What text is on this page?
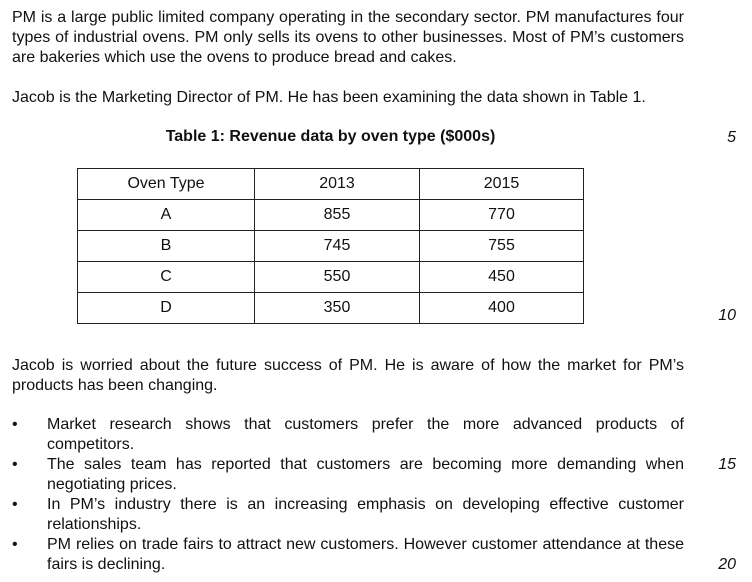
PM is a large public limited company operating in the secondary sector. PM manufactures four types of industrial ovens. PM only sells its ovens to other businesses. Most of PM’s customers are bakeries which use the ovens to produce bread and cakes.

Jacob is the Marketing Director of PM. He has been examining the data shown in Table 1.

Table 1: Revenue data by oven type ($000s)	5
Oven Type	2013	2015
A	855	770
B	745	755
C	550	450
D	350	400	10

Jacob is worried about the future success of PM. He is aware of how the market for PM’s products has been changing.

• Market research shows that customers prefer the more advanced products of competitors.
• The sales team has reported that customers are becoming more demanding when negotiating prices.
• In PM’s industry there is an increasing emphasis on developing effective customer relationships.
• PM relies on trade fairs to attract new customers. However customer attendance at these fairs is declining.
15
20
